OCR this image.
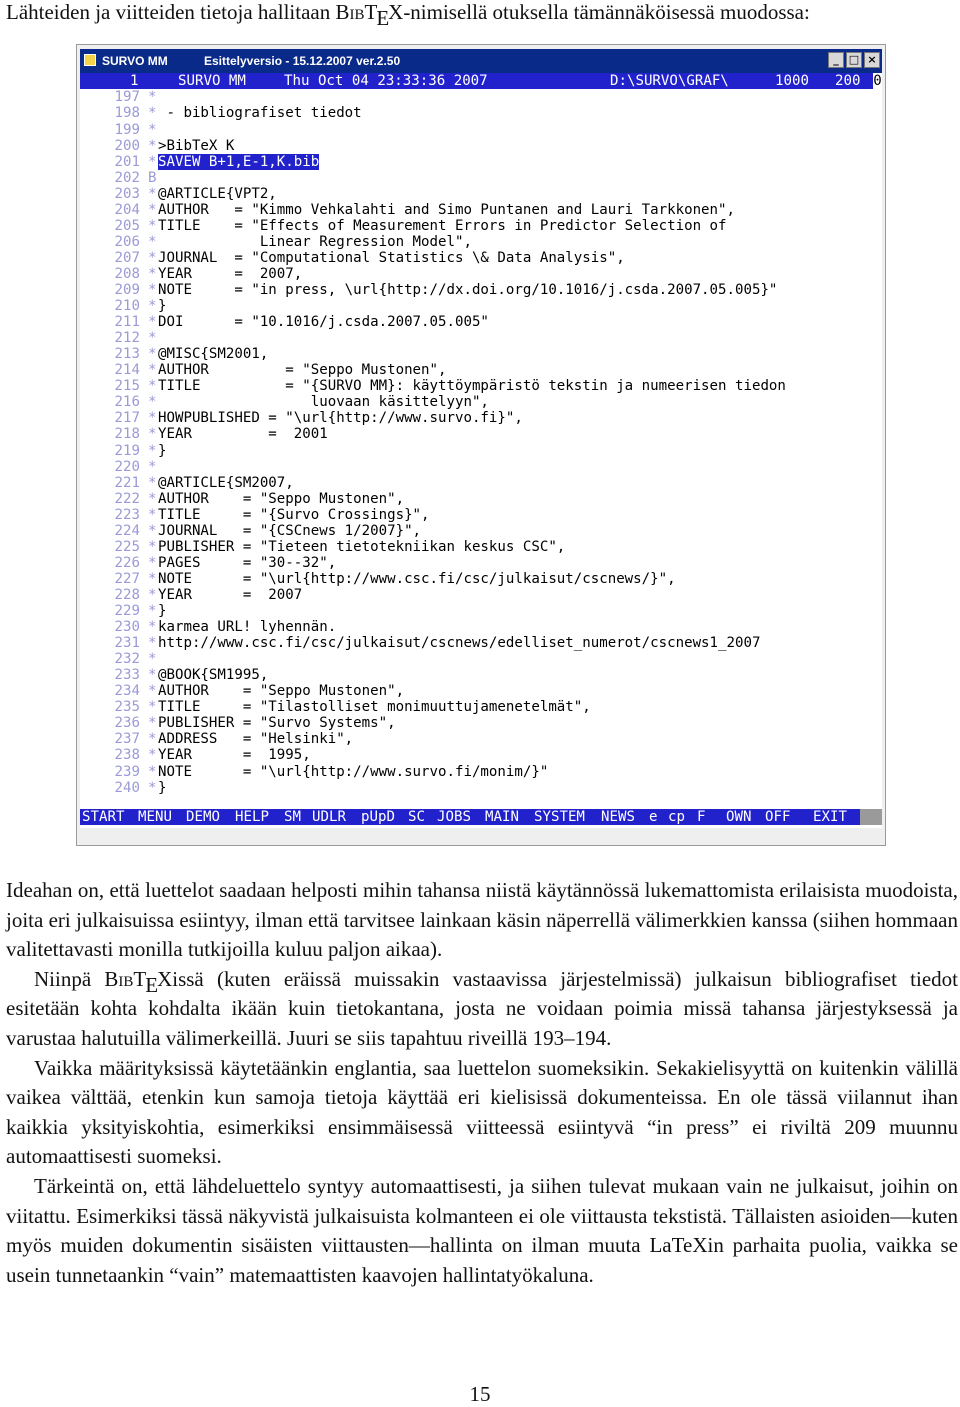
Lähteiden ja viitteiden tietoja hallitaan BibTEX-nimisellä otuksella tämännäköisessä muodossa:
SURVO MM	Esittelyversio - 15.12.2007 ver.2.50	_ □ ×

1

	SURVO MM

	Thu Oct 04 23:33:36 2007

	D:\SURVO\GRAF\

	1000

200

0

197 *
198 * - bibliografiset tiedot
199 *
200 * >BibTeX K
201 * SAVEW B+1,E-1,K.bib
202 B
203 * @ARTICLE{VPT2,
204 * AUTHOR   = "Kimmo Vehkalahti and Simo Puntanen and Lauri Tarkkonen",
205 * TITLE    = "Effects of Measurement Errors in Predictor Selection of
206 * Linear Regression Model",
207 * JOURNAL  = "Computational Statistics \& Data Analysis",
208 * YEAR     =  2007,
209 * NOTE     = "in press, \url{http://dx.doi.org/10.1016/j.csda.2007.05.005}"
210 * }
211 * DOI      = "10.1016/j.csda.2007.05.005"
212 *
213 * @MISC{SM2001,
214 * AUTHOR         = "Seppo Mustonen",
215 * TITLE          = "{SURVO MM}: käyttöympäristö tekstin ja numeerisen tiedon
216 * luovaan käsittelyyn",
217 * HOWPUBLISHED = "\url{http://www.survo.fi}",
218 * YEAR         =  2001
219 * }
220 *
221 * @ARTICLE{SM2007,
222 * AUTHOR    = "Seppo Mustonen",
223 * TITLE     = "{Survo Crossings}",
224 * JOURNAL   = "{CSCnews 1/2007}",
225 * PUBLISHER = "Tieteen tietotekniikan keskus CSC",
226 * PAGES     = "30--32",
227 * NOTE      = "\url{http://www.csc.fi/csc/julkaisut/cscnews/}",
228 * YEAR      =  2007
229 * }
230 * karmea URL! lyhennän.
231 * http://www.csc.fi/csc/julkaisut/cscnews/edelliset_numerot/cscnews1_2007
232 *
233 * @BOOK{SM1995,
234 * AUTHOR    = "Seppo Mustonen",
235 * TITLE     = "Tilastolliset monimuuttujamenetelmät",
236 * PUBLISHER = "Survo Systems",
237 * ADDRESS   = "Helsinki",
238 * YEAR      =  1995,
239 * NOTE      = "\url{http://www.survo.fi/monim/}"
240 * }
START MENU DEMO HELP SM UDLR pUpD SC JOBS MAIN SYSTEM NEWS e cp F OWN OFF EXIT

Ideahan on, että luettelot saadaan helposti mihin tahansa niistä käytännössä lukemattomista erilaisista muodoista, joita eri julkaisuissa esiintyy, ilman että tarvitsee lainkaan käsin näperrellä välimerkkien kanssa (siihen hommaan valitettavasti monilla tutkijoilla kuluu paljon aikaa).

Niinpä BibTEXissä (kuten eräissä muissakin vastaavissa järjestelmissä) julkaisun bibliografiset tiedot esitetään kohta kohdalta ikään kuin tietokantana, josta ne voidaan poimia missä tahansa järjestyksessä ja varustaa halutuilla välimerkeillä. Juuri se siis tapahtuu riveillä 193–194.

Vaikka määrityksissä käytetäänkin englantia, saa luettelon suomeksikin. Sekakielisyyttä on kuitenkin välillä vaikea välttää, etenkin kun samoja tietoja käyttää eri kielisissä dokumenteissa. En ole tässä viilannut ihan kaikkia yksityiskohtia, esimerkiksi ensimmäisessä viitteessä esiintyvä “in press” ei riviltä 209 muunnu automaattisesti suomeksi.

Tärkeintä on, että lähdeluettelo syntyy automaattisesti, ja siihen tulevat mukaan vain ne julkaisut, joihin on viitattu. Esimerkiksi tässä näkyvistä julkaisuista kolmanteen ei ole viittausta tekstistä. Tällaisten asioiden—kuten myös muiden dokumentin sisäisten viittausten—hallinta on ilman muuta LaTeXin parhaita puolia, vaikka se usein tunnetaankin “vain” matemaattisten kaavojen hallintatyökaluna.

15
